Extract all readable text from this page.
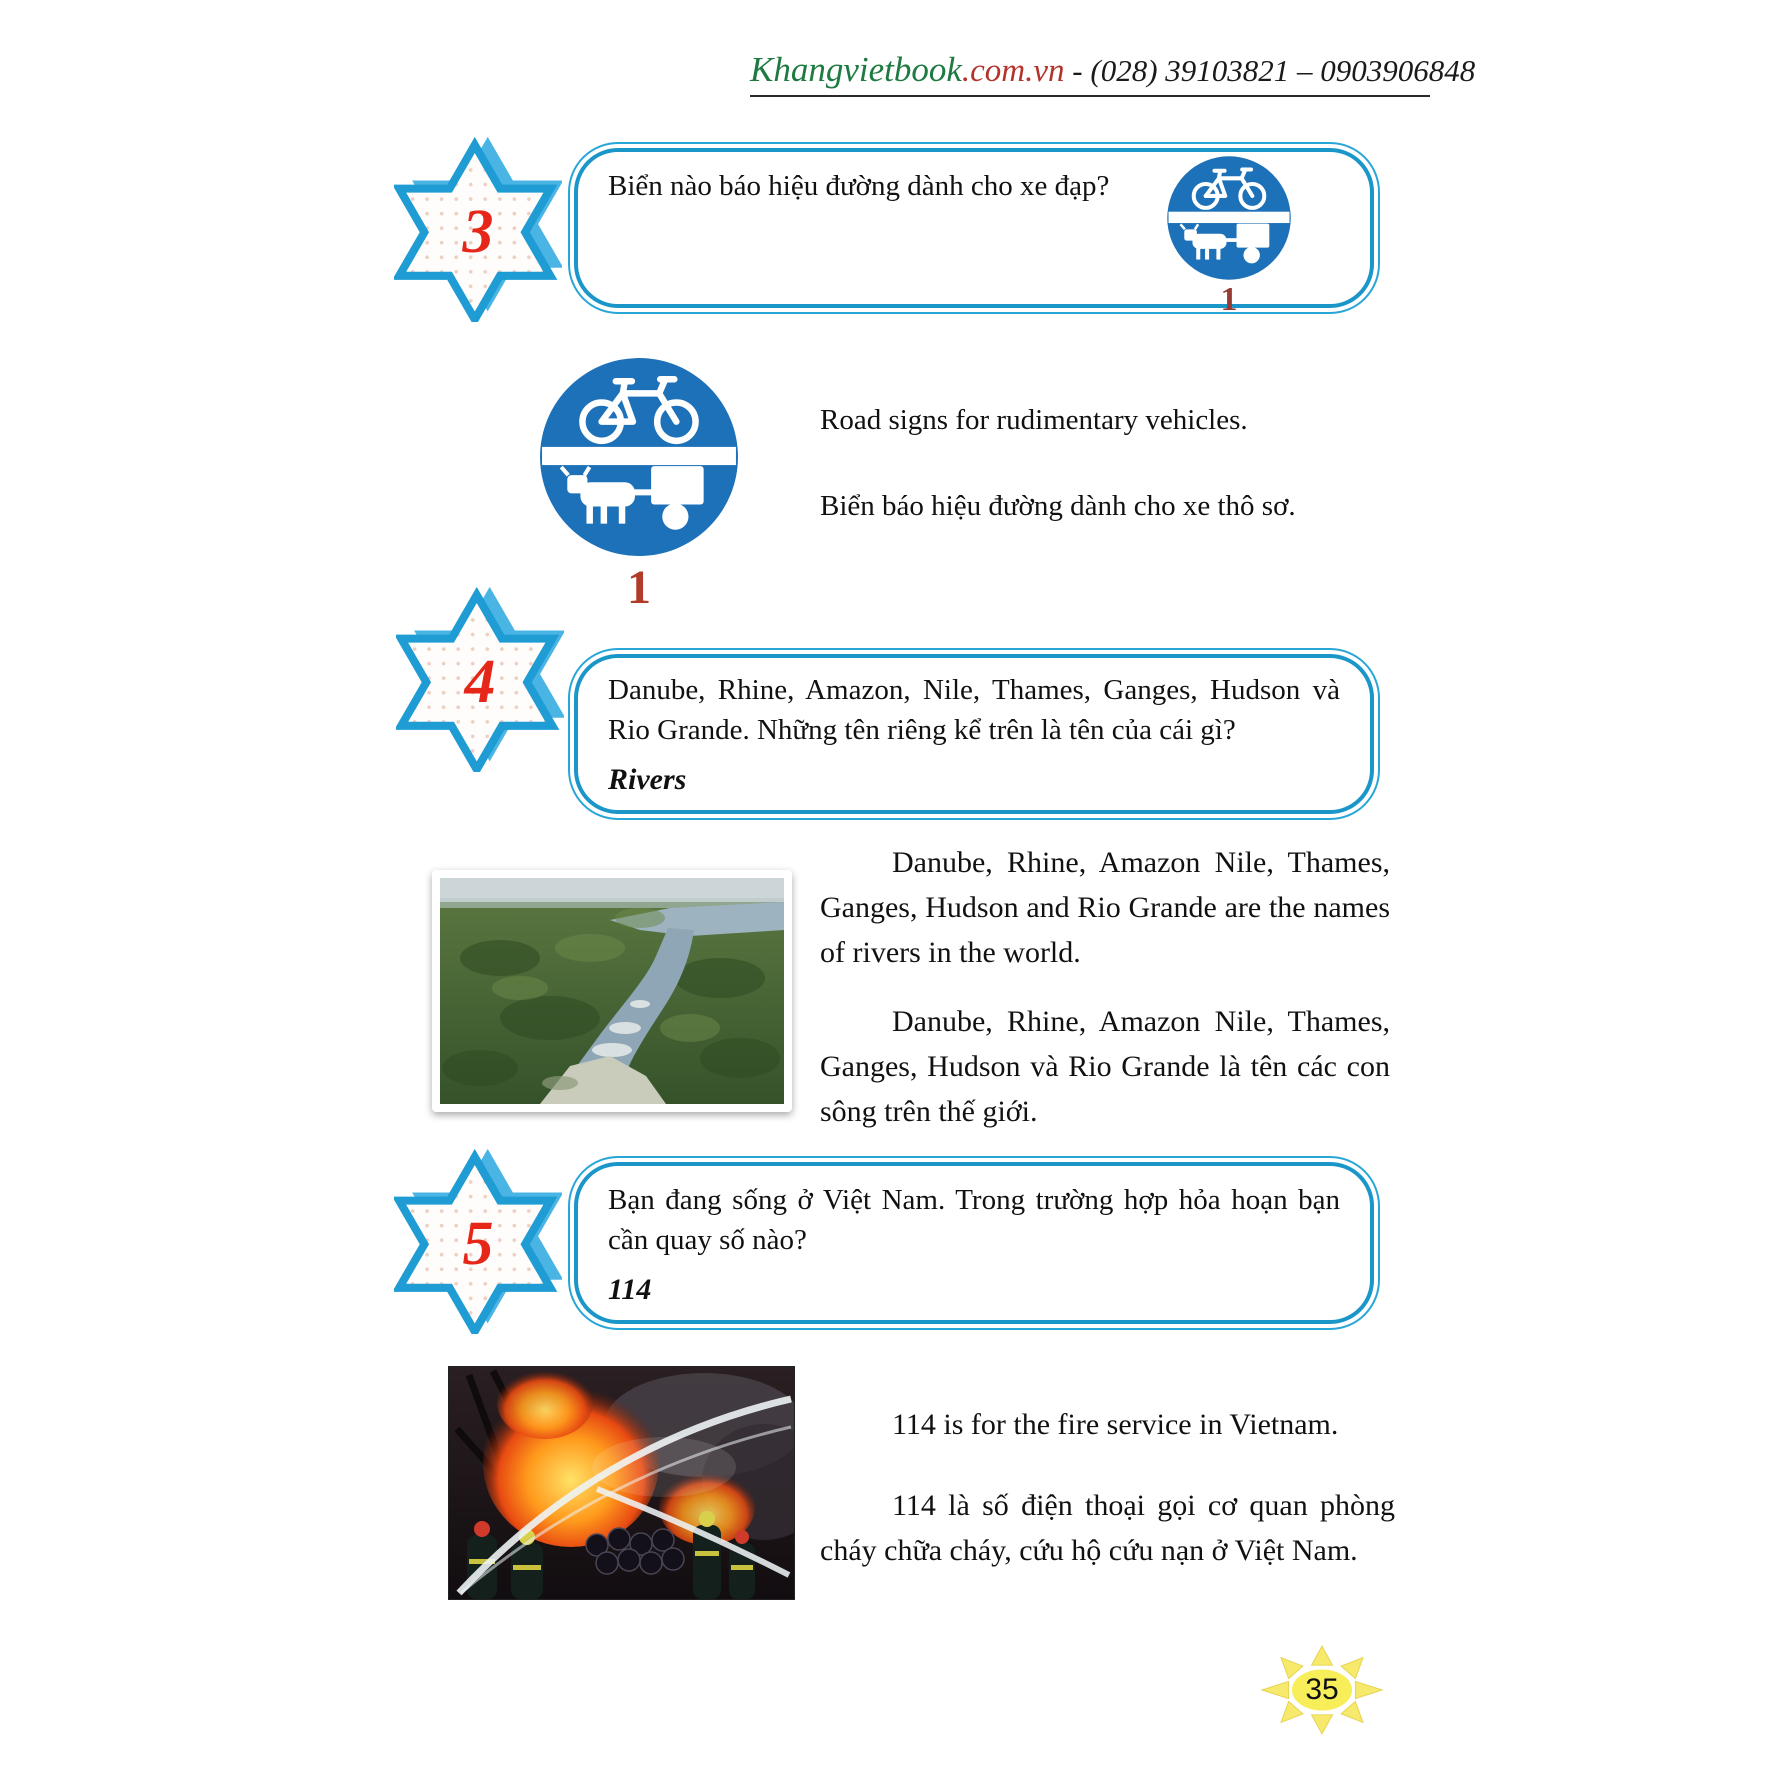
Khangvietbook.com.vn - (028) 39103821 – 0903906848
3
Biển nào báo hiệu đường dành cho xe đạp?
1
1

Road signs for rudimentary vehicles.

Biển báo hiệu đường dành cho xe thô sơ.

4	Danube, Rhine, Amazon, Nile, Thames, Ganges, Hudson và
Rio Grande. Những tên riêng kể trên là tên của cái gì?
Rivers
Danube, Rhine, Amazon Nile, Thames,
Ganges, Hudson and Rio Grande are the names
of rivers in the world.
Danube, Rhine, Amazon Nile, Thames,
Ganges, Hudson và Rio Grande là tên các con
sông trên thế giới.
5
Bạn đang sống ở Việt Nam. Trong trường hợp hỏa hoạn bạn
cần quay số nào?
114
114 is for the fire service in Vietnam.
114 là số điện thoại gọi cơ quan phòng
cháy chữa cháy, cứu hộ cứu nạn ở Việt Nam.
35
